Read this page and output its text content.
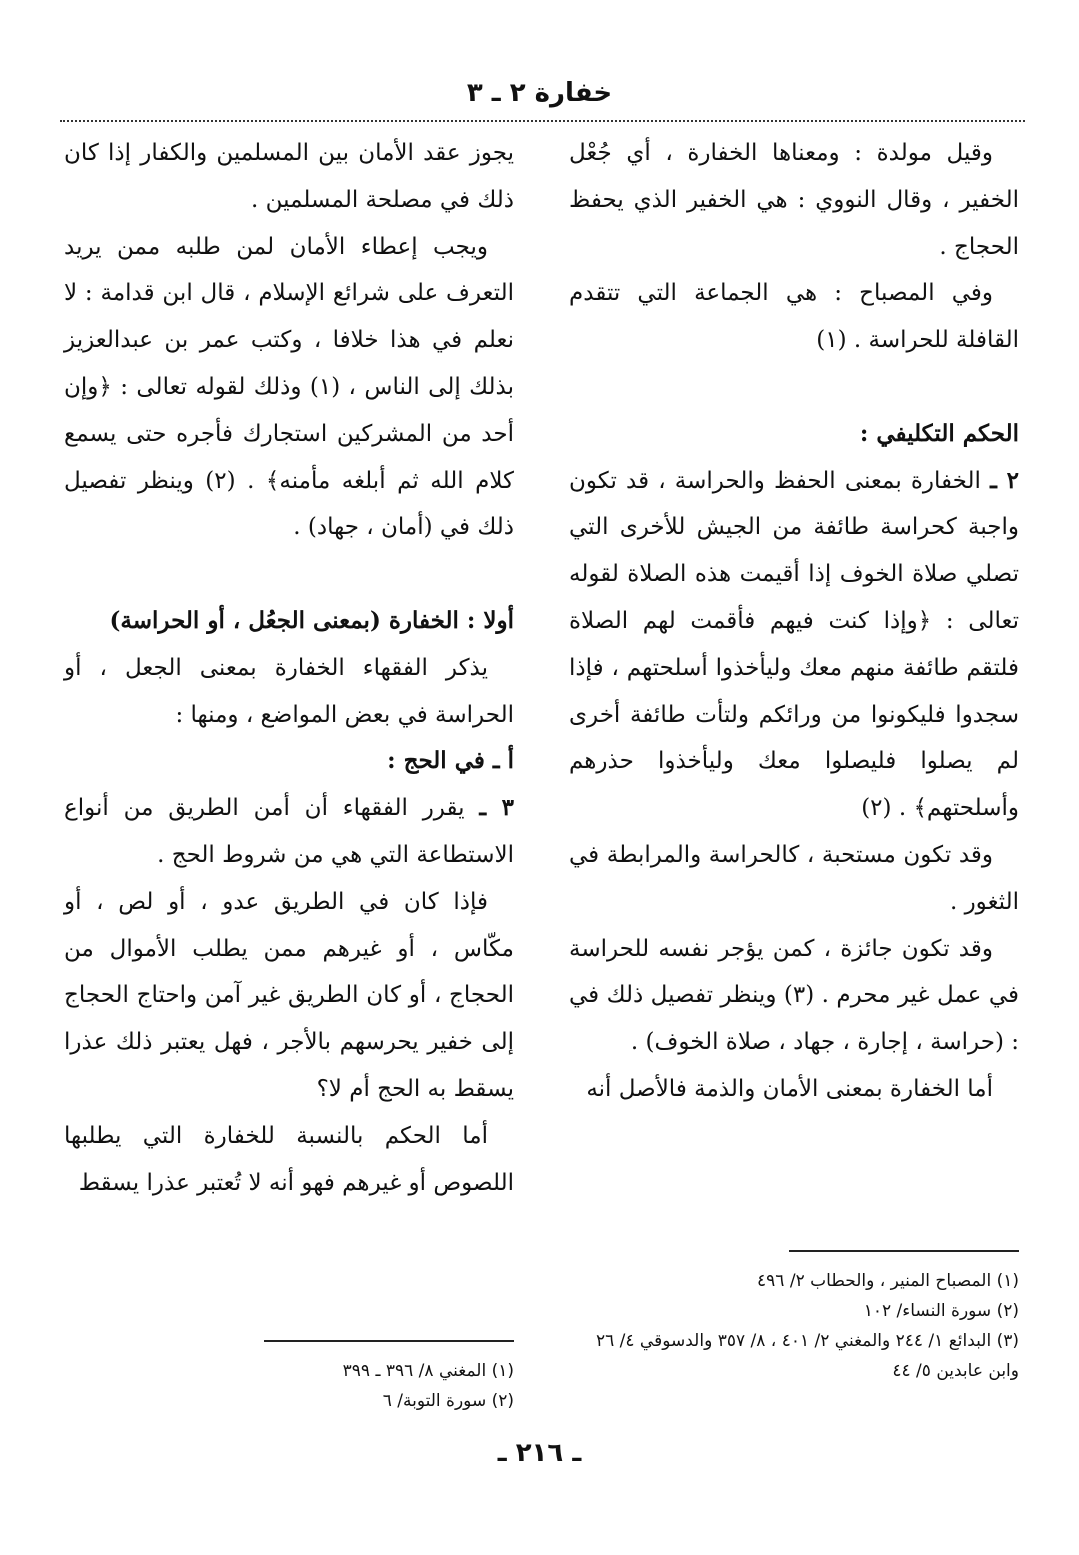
خفارة ٢ ـ ٣

وقيل مولدة : ومعناها الخفارة ، أي جُعْل الخفير ، وقال النووي : هي الخفير الذي يحفظ الحجاج .

وفي المصباح : هي الجماعة التي تتقدم القافلة للحراسة . (١)

الحكم التكليفي :

٢ ـ الخفارة بمعنى الحفظ والحراسة ، قد تكون واجبة كحراسة طائفة من الجيش للأخرى التي تصلي صلاة الخوف إذا أقيمت هذه الصلاة لقوله تعالى : ﴿وإذا كنت فيهم فأقمت لهم الصلاة فلتقم طائفة منهم معك وليأخذوا أسلحتهم ، فإذا سجدوا فليكونوا من ورائكم ولتأت طائفة أخرى لم يصلوا فليصلوا معك وليأخذوا حذرهم وأسلحتهم﴾ . (٢)

وقد تكون مستحبة ، كالحراسة والمرابطة في الثغور .

وقد تكون جائزة ، كمن يؤجر نفسه للحراسة في عمل غير محرم . (٣) وينظر تفصيل ذلك في : (حراسة ، إجارة ، جهاد ، صلاة الخوف) .

أما الخفارة بمعنى الأمان والذمة فالأصل أنه

يجوز عقد الأمان بين المسلمين والكفار إذا كان ذلك في مصلحة المسلمين .

ويجب إعطاء الأمان لمن طلبه ممن يريد التعرف على شرائع الإسلام ، قال ابن قدامة : لا نعلم في هذا خلافا ، وكتب عمر بن عبدالعزيز بذلك إلى الناس ، (١) وذلك لقوله تعالى : ﴿وإن أحد من المشركين استجارك فأجره حتى يسمع كلام الله ثم أبلغه مأمنه﴾ . (٢) وينظر تفصيل ذلك في (أمان ، جهاد) .

أولا : الخفارة (بمعنى الجعُل ، أو الحراسة)

يذكر الفقهاء الخفارة بمعنى الجعل ، أو الحراسة في بعض المواضع ، ومنها :

أ ـ في الحج :

٣ ـ يقرر الفقهاء أن أمن الطريق من أنواع الاستطاعة التي هي من شروط الحج .

فإذا كان في الطريق عدو ، أو لص ، أو مكّاس ، أو غيرهم ممن يطلب الأموال من الحجاج ، أو كان الطريق غير آمن واحتاج الحجاج إلى خفير يحرسهم بالأجر ، فهل يعتبر ذلك عذرا يسقط به الحج أم لا؟

أما الحكم بالنسبة للخفارة التي يطلبها اللصوص أو غيرهم فهو أنه لا تُعتبر عذرا يسقط

(١) المصباح المنير ، والحطاب ٢/ ٤٩٦

(٢) سورة النساء/ ١٠٢

(٣) البدائع ١/ ٢٤٤ والمغني ٢/ ٤٠١ ، ٨/ ٣٥٧ والدسوقي ٤/ ٢٦ وابن عابدين ٥/ ٤٤

(١) المغني ٨/ ٣٩٦ ـ ٣٩٩

(٢) سورة التوبة/ ٦

ـ ٢١٦ ـ
